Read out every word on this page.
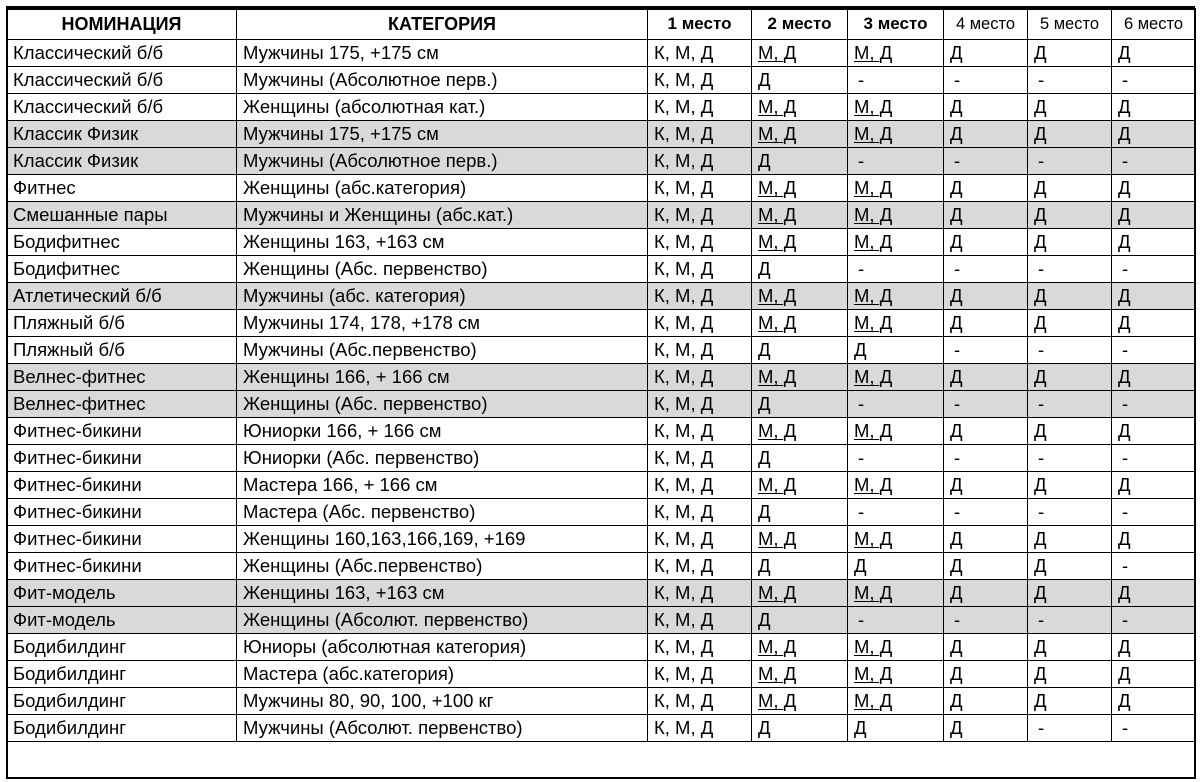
НОМИНАЦИЯ	КАТЕГОРИЯ	1 место	2 место	3 место	4 место	5 место	6 место
Классический б/б	Мужчины 175, +175 см	К, М, Д	М, Д	М, Д	Д	Д	Д
Классический б/б	Мужчины (Абсолютное перв.)	К, М, Д	Д	-	-	-	-
Классический б/б	Женщины (абсолютная кат.)	К, М, Д	М, Д	М, Д	Д	Д	Д
Классик Физик	Мужчины 175, +175 см	К, М, Д	М, Д	М, Д	Д	Д	Д
Классик Физик	Мужчины (Абсолютное перв.)	К, М, Д	Д	-	-	-	-
Фитнес	Женщины (абс.категория)	К, М, Д	М, Д	М, Д	Д	Д	Д
Смешанные пары	Мужчины и Женщины (абс.кат.)	К, М, Д	М, Д	М, Д	Д	Д	Д
Бодифитнес	Женщины 163, +163 см	К, М, Д	М, Д	М, Д	Д	Д	Д
Бодифитнес	Женщины (Абс. первенство)	К, М, Д	Д	-	-	-	-
Атлетический б/б	Мужчины (абс. категория)	К, М, Д	М, Д	М, Д	Д	Д	Д
Пляжный б/б	Мужчины 174, 178, +178 см	К, М, Д	М, Д	М, Д	Д	Д	Д
Пляжный б/б	Мужчины (Абс.первенство)	К, М, Д	Д	Д	-	-	-
Велнес-фитнес	Женщины 166, + 166 см	К, М, Д	М, Д	М, Д	Д	Д	Д
Велнес-фитнес	Женщины (Абс. первенство)	К, М, Д	Д	-	-	-	-
Фитнес-бикини	Юниорки 166, + 166 см	К, М, Д	М, Д	М, Д	Д	Д	Д
Фитнес-бикини	Юниорки (Абс. первенство)	К, М, Д	Д	-	-	-	-
Фитнес-бикини	Мастера 166, + 166 см	К, М, Д	М, Д	М, Д	Д	Д	Д
Фитнес-бикини	Мастера (Абс. первенство)	К, М, Д	Д	-	-	-	-
Фитнес-бикини	Женщины 160,163,166,169, +169	К, М, Д	М, Д	М, Д	Д	Д	Д
Фитнес-бикини	Женщины (Абс.первенство)	К, М, Д	Д	Д	Д	Д	-
Фит-модель	Женщины 163, +163 см	К, М, Д	М, Д	М, Д	Д	Д	Д
Фит-модель	Женщины (Абсолют. первенство)	К, М, Д	Д	-	-	-	-
Бодибилдинг	Юниоры (абсолютная категория)	К, М, Д	М, Д	М, Д	Д	Д	Д
Бодибилдинг	Мастера (абс.категория)	К, М, Д	М, Д	М, Д	Д	Д	Д
Бодибилдинг	Мужчины 80, 90, 100, +100 кг	К, М, Д	М, Д	М, Д	Д	Д	Д
Бодибилдинг	Мужчины (Абсолют. первенство)	К, М, Д	Д	Д	Д	-	-
